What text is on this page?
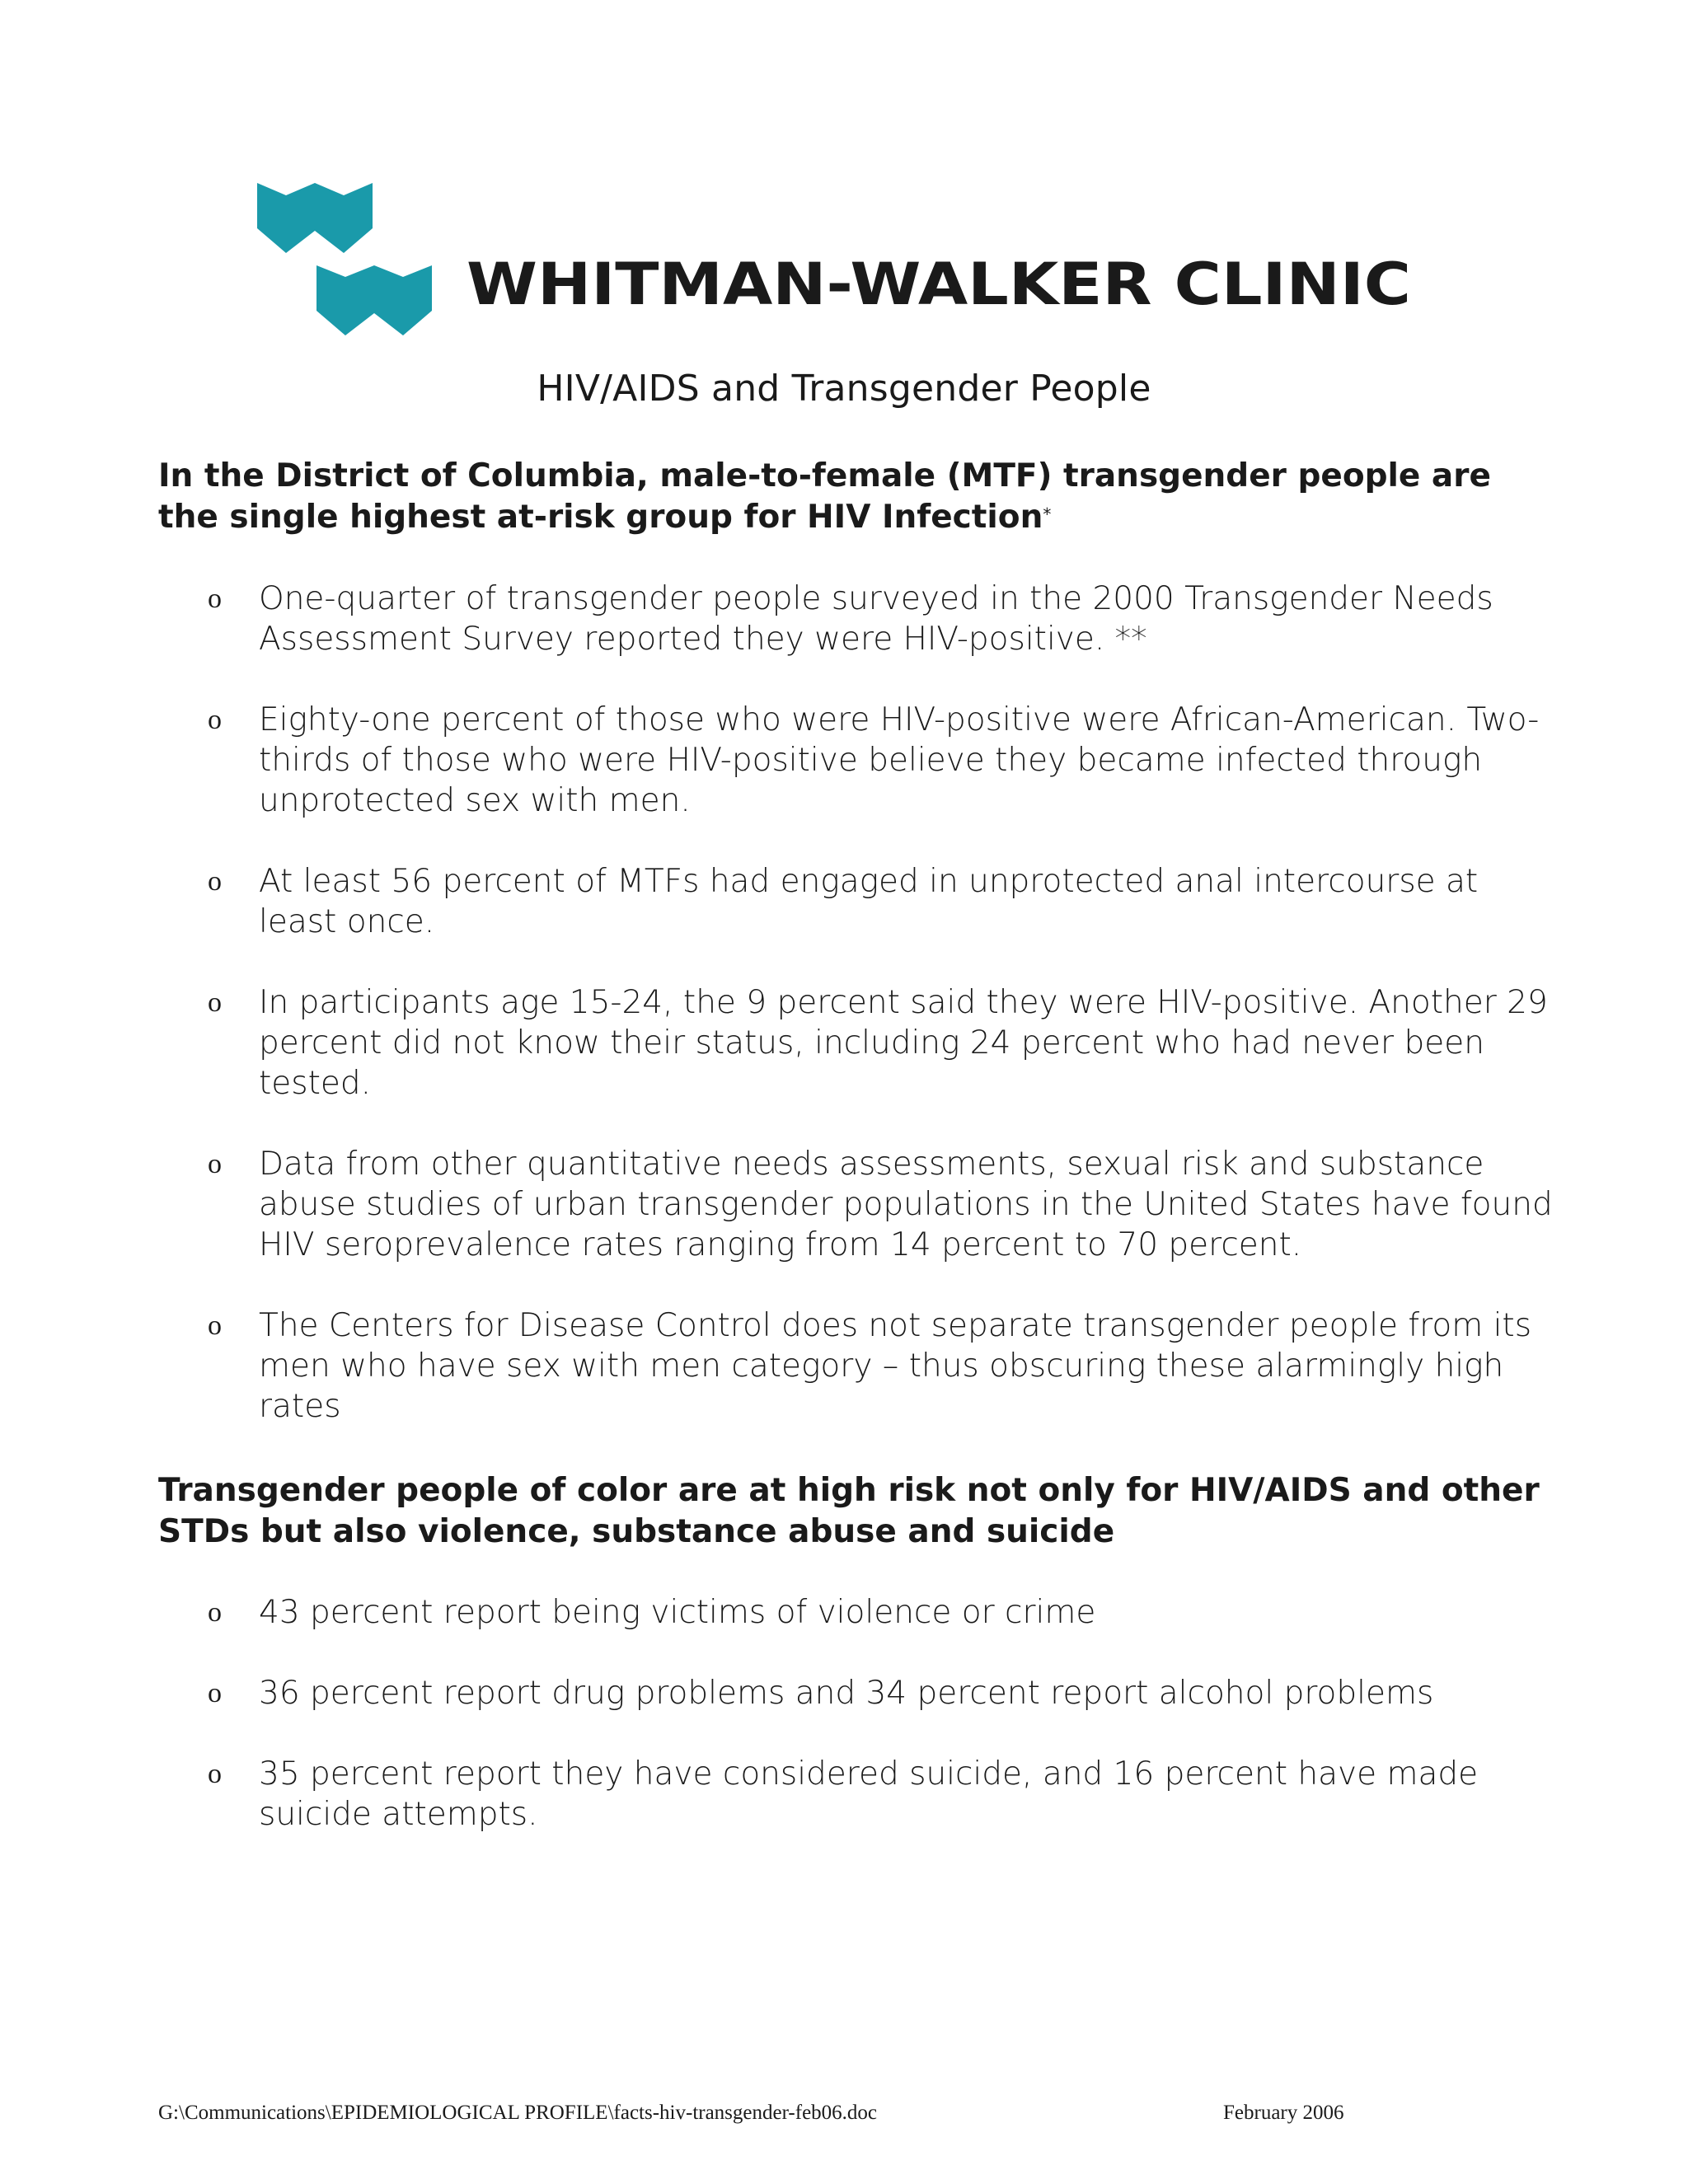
WHITMAN-WALKER CLINIC
HIV/AIDS and Transgender People
In the District of Columbia, male-to-female (MTF) transgender people are the single highest at-risk group for HIV Infection*
o One-quarter of transgender people surveyed in the 2000 Transgender Needs Assessment Survey reported they were HIV-positive. **
o Eighty-one percent of those who were HIV-positive were African-American. Two-thirds of those who were HIV-positive believe they became infected through unprotected sex with men.
o At least 56 percent of MTFs had engaged in unprotected anal intercourse at least once.
o In participants age 15-24, the 9 percent said they were HIV-positive. Another 29 percent did not know their status, including 24 percent who had never been tested.
o Data from other quantitative needs assessments, sexual risk and substance abuse studies of urban transgender populations in the United States have found HIV seroprevalence rates ranging from 14 percent to 70 percent.
o The Centers for Disease Control does not separate transgender people from its men who have sex with men category – thus obscuring these alarmingly high rates
Transgender people of color are at high risk not only for HIV/AIDS and other STDs but also violence, substance abuse and suicide
o 43 percent report being victims of violence or crime
o 36 percent report drug problems and 34 percent report alcohol problems
o 35 percent report they have considered suicide, and 16 percent have made suicide attempts.
G:\Communications\EPIDEMIOLOGICAL PROFILE\facts-hiv-transgender-feb06.doc	February 2006
